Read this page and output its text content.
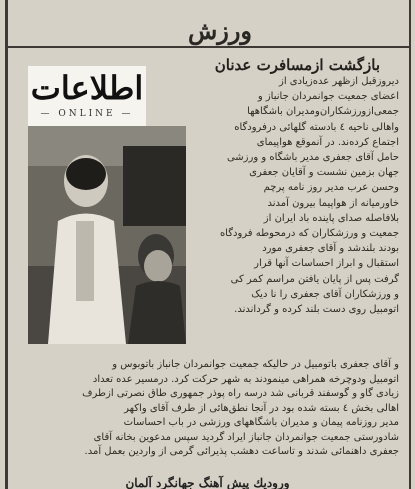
ورزش
بازگشت ازمسافرت عدنان
اطلاعات
— ONLINE —
دیروزقبل ازظهر عده‌زیادی از
اعضای جمعیت جوانمردان جانباز و
جمعی‌ازورزشکاران‌ومدیران باشگاهها
واهالی ناحیه ٤ بادسته گلهائی درفرودگاه
اجتماع کرده‌ند. در آنموقع هواپیمای
حامل آقای جعفری مدیر باشگاه و ورزشی
جهان بزمین نشست و آقایان جعفری
وحسن عرب مدیر روز نامه پرچم
خاورمیانه از هواپیما بیرون آمدند
بلافاصله صدای پاینده باد ایران از
جمعیت و ورزشکاران که درمحوطه فرودگاه
بودند بلندشد و آقای جعفری مورد
استقبال و ابراز احساسات آنها قرار
گرفت پس از پایان یافتن مراسم کمر کی
و ورزشکاران آقای جعفری را نا دیک
اتومبیل روی دست بلند کرده و گرداندند.
و آقای جعفری باتومبیل در حالیکه جمعیت جوانمردان جانباز باتوبوس و
اتومبیل ودوچرخه همراهی مینمودند به شهر حرکت کرد. درمسیر عده تعداد
زیادی گاو و گوسفند قربانی شد درسه راه پوذر جمهوری طاق نصرتی ازطرف
اهالی بخش ٤ بسته شده بود در آنجا نطق‌هائی از طرف آقای واکهر
مدیر روزنامه پیمان و مدیران باشگاههای ورزشی در باب احساسات
شادورستی جمعیت جوانمردان جانباز ایراد گردید سپس مدعوین بخانه آقای
جعفری داهنمائی شدند و تاساعت دهشب پذیرائی گرمی از واردین بعمل آمد.
وروديك پيش آهنگ جهانگرد آلمان
